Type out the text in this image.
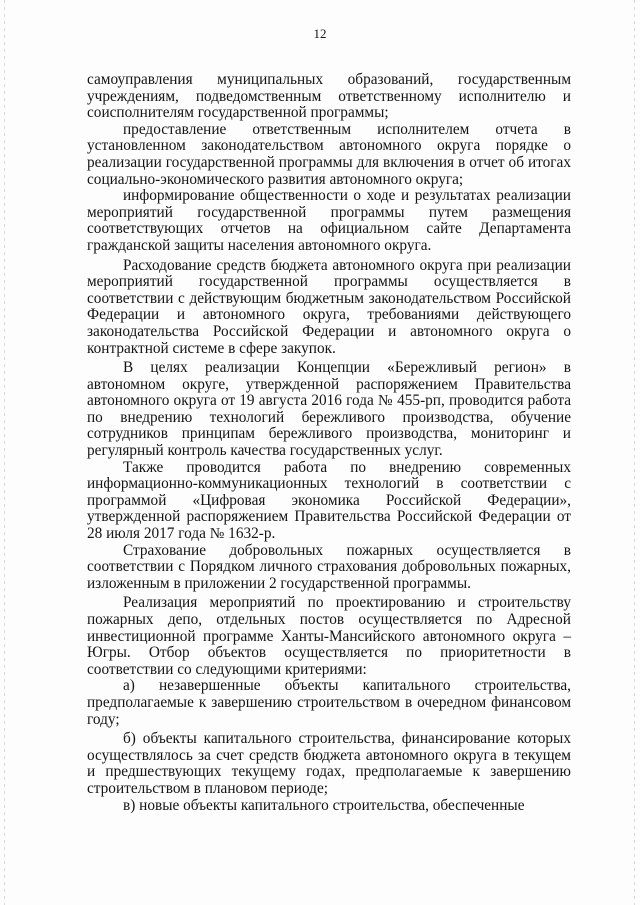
12

самоуправления муниципальных образований, государственным учреждениям, подведомственным ответственному исполнителю и соисполнителям государственной программы;

предоставление ответственным исполнителем отчета в установленном законодательством автономного округа порядке о реализации государственной программы для включения в отчет об итогах социально-экономического развития автономного округа;

информирование общественности о ходе и результатах реализации мероприятий государственной программы путем размещения соответствующих отчетов на официальном сайте Департамента гражданской защиты населения автономного округа.

Расходование средств бюджета автономного округа при реализации мероприятий государственной программы осуществляется в соответствии с действующим бюджетным законодательством Российской Федерации и автономного округа, требованиями действующего законодательства Российской Федерации и автономного округа о контрактной системе в сфере закупок.

В целях реализации Концепции «Бережливый регион» в автономном округе, утвержденной распоряжением Правительства автономного округа от 19 августа 2016 года № 455-рп, проводится работа по внедрению технологий бережливого производства, обучение сотрудников принципам бережливого производства, мониторинг и регулярный контроль качества государственных услуг.

Также проводится работа по внедрению современных информационно-коммуникационных технологий в соответствии с программой «Цифровая экономика Российской Федерации», утвержденной распоряжением Правительства Российской Федерации от 28 июля 2017 года № 1632-р.

Страхование добровольных пожарных осуществляется в соответствии с Порядком личного страхования добровольных пожарных, изложенным в приложении 2 государственной программы.

Реализация мероприятий по проектированию и строительству пожарных депо, отдельных постов осуществляется по Адресной инвестиционной программе Ханты-Мансийского автономного округа – Югры. Отбор объектов осуществляется по приоритетности в соответствии со следующими критериями:

а) незавершенные объекты капитального строительства, предполагаемые к завершению строительством в очередном финансовом году;

б) объекты капитального строительства, финансирование которых осуществлялось за счет средств бюджета автономного округа в текущем и предшествующих текущему годах, предполагаемые к завершению строительством в плановом периоде;

в) новые объекты капитального строительства, обеспеченные
